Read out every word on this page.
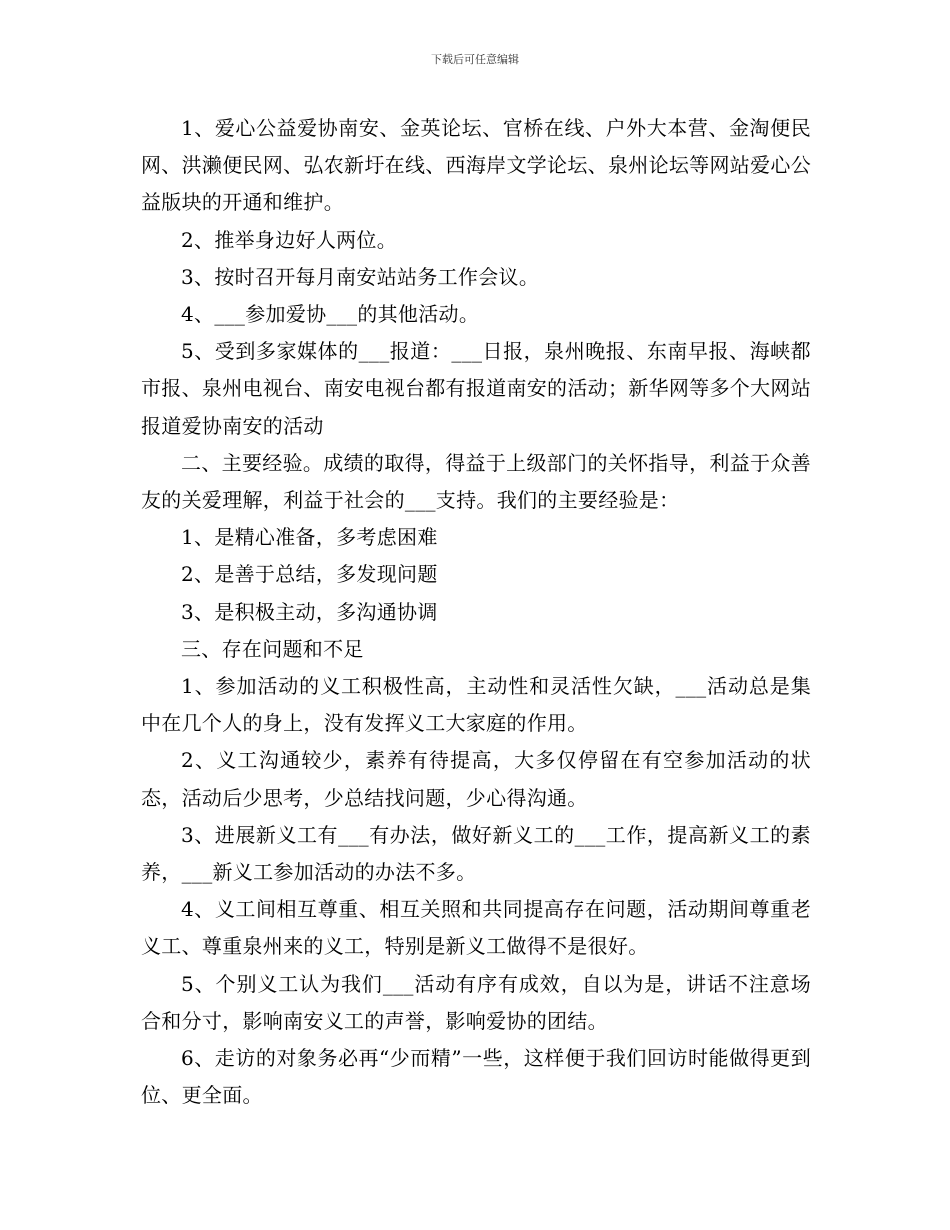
下载后可任意编辑

1、爱心公益爱协南安、金英论坛、官桥在线、户外大本营、金淘便民网、洪濑便民网、弘农新圩在线、西海岸文学论坛、泉州论坛等网站爱心公益版块的开通和维护。

2、推举身边好人两位。

3、按时召开每月南安站站务工作会议。

4、___参加爱协___的其他活动。

5、受到多家媒体的___报道：___日报，泉州晚报、东南早报、海峡都市报、泉州电视台、南安电视台都有报道南安的活动；新华网等多个大网站报道爱协南安的活动

二、主要经验。成绩的取得，得益于上级部门的关怀指导，利益于众善友的关爱理解，利益于社会的___支持。我们的主要经验是：

1、是精心准备，多考虑困难

2、是善于总结，多发现问题

3、是积极主动，多沟通协调

三、存在问题和不足

1、参加活动的义工积极性高，主动性和灵活性欠缺，___活动总是集中在几个人的身上，没有发挥义工大家庭的作用。

2、义工沟通较少，素养有待提高，大多仅停留在有空参加活动的状态，活动后少思考，少总结找问题，少心得沟通。

3、进展新义工有___有办法，做好新义工的___工作，提高新义工的素养，___新义工参加活动的办法不多。

4、义工间相互尊重、相互关照和共同提高存在问题，活动期间尊重老义工、尊重泉州来的义工，特别是新义工做得不是很好。

5、个别义工认为我们___活动有序有成效，自以为是，讲话不注意场合和分寸，影响南安义工的声誉，影响爱协的团结。

6、走访的对象务必再“少而精”一些，这样便于我们回访时能做得更到位、更全面。
